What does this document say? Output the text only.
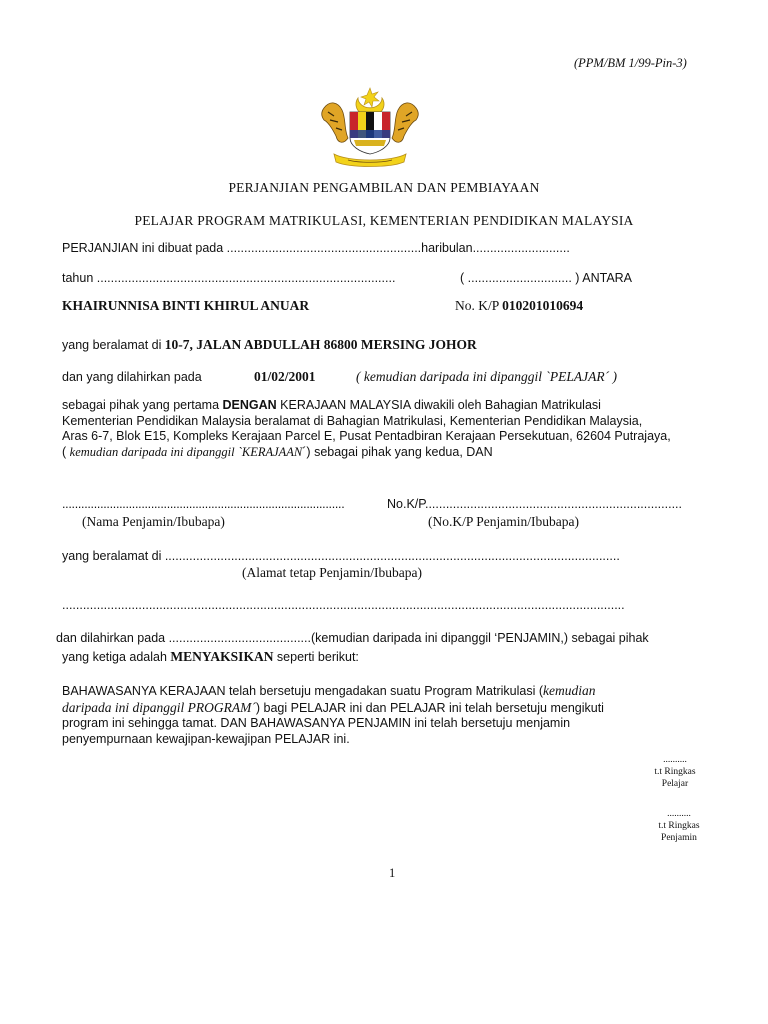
(PPM/BM 1/99-Pin-3)
PERJANJIAN PENGAMBILAN DAN PEMBIAYAAN
PELAJAR PROGRAM MATRIKULASI, KEMENTERIAN PENDIDIKAN MALAYSIA
PERJANJIAN ini dibuat pada ........................................................haribulan............................
tahun ......................................................................................	( .............................. ) ANTARA
KHAIRUNNISA BINTI KHIRUL ANUAR	No. K/P 010201010694
yang beralamat di 10-7, JALAN ABDULLAH 86800 MERSING JOHOR
dan yang dilahirkan pada	01/02/2001	( kemudian daripada ini dipanggil `PELAJAR´ )
sebagai pihak yang pertama DENGAN KERAJAAN MALAYSIA diwakili oleh Bahagian Matrikulasi
Kementerian Pendidikan Malaysia beralamat di Bahagian Matrikulasi, Kementerian Pendidikan Malaysia,
Aras 6-7, Blok E15, Kompleks Kerajaan Parcel E, Pusat Pentadbiran Kerajaan Persekutuan, 62604 Putrajaya,
( kemudian daripada ini dipanggil `KERAJAAN´) sebagai pihak yang kedua, DAN
.........................................................................................	No.K/P..........................................................................
(Nama Penjamin/Ibubapa)	(No.K/P Penjamin/Ibubapa)
yang beralamat di ...................................................................................................................................
(Alamat tetap Penjamin/Ibubapa)
..................................................................................................................................................................
dan dilahirkan pada .........................................(kemudian daripada ini dipanggil ‘PENJAMIN,) sebagai pihak
yang ketiga adalah MENYAKSIKAN seperti berikut:
BAHAWASANYA KERAJAAN telah bersetuju mengadakan suatu Program Matrikulasi (kemudian
daripada ini dipanggil PROGRAM´) bagi PELAJAR ini dan PELAJAR ini telah bersetuju mengikuti
program ini sehingga tamat. DAN BAHAWASANYA PENJAMIN ini telah bersetuju menjamin
penyempurnaan kewajipan-kewajipan PELAJAR ini.
..........
t.t Ringkas
Pelajar
..........
t.t Ringkas
Penjamin
1
